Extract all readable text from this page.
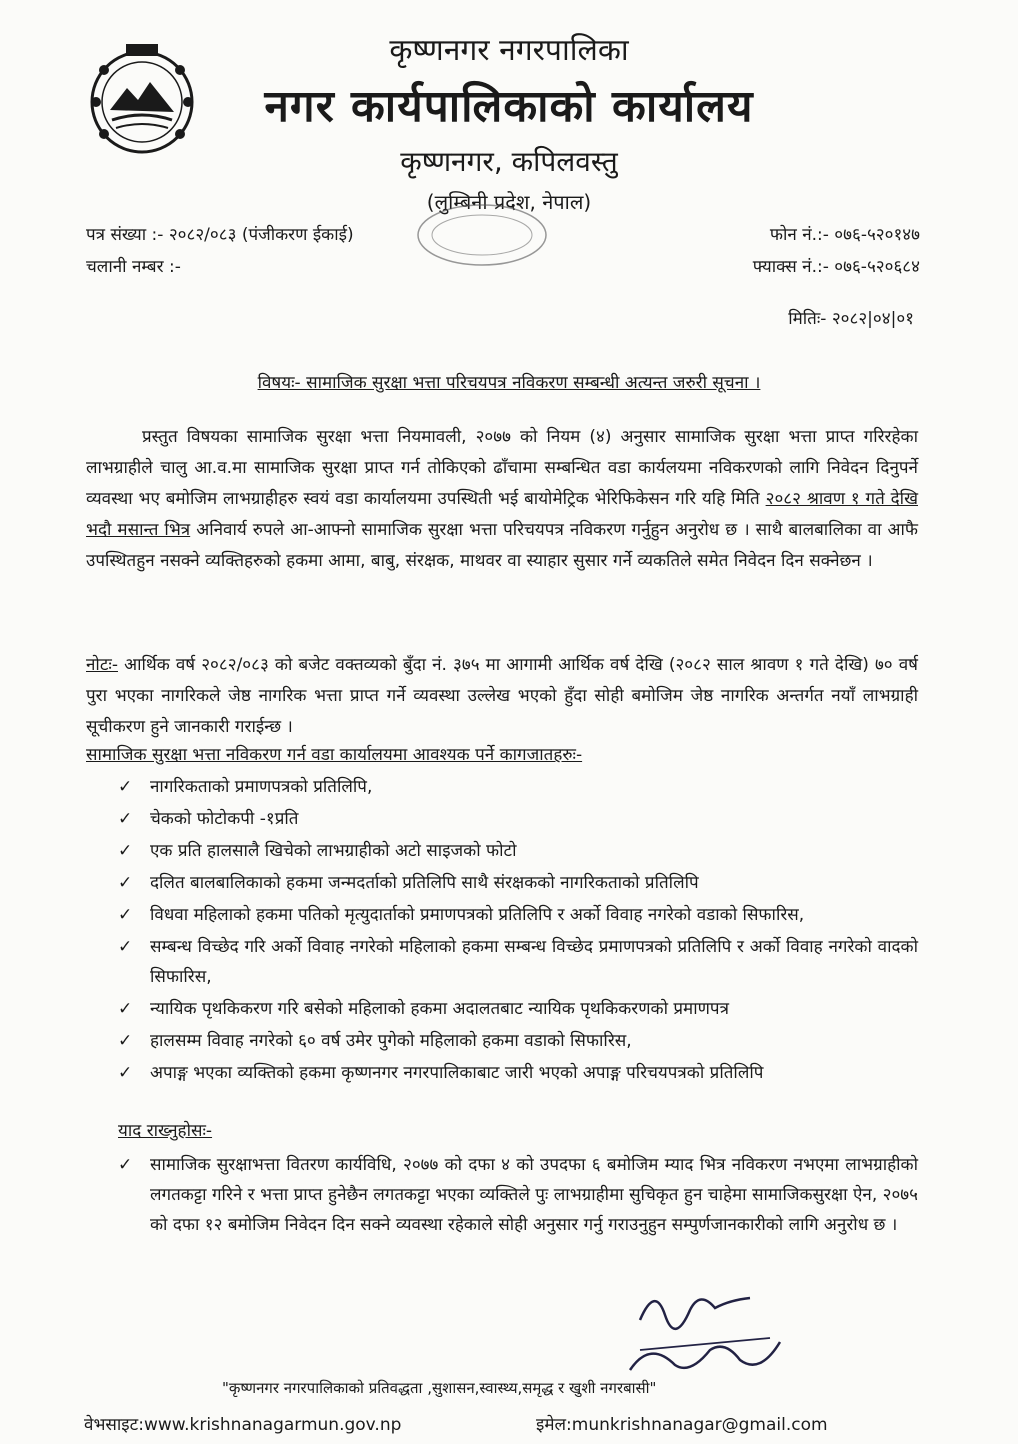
कृष्णनगर नगरपालिका
नगर कार्यपालिकाको कार्यालय
कृष्णनगर, कपिलवस्तु
(लुम्बिनी प्रदेश, नेपाल)
पत्र संख्या :- २०८२/०८३ (पंजीकरण ईकाई)
चलानी नम्बर :-
फोन नं.:- ०७६-५२०१४७
फ्याक्स नं.:- ०७६-५२०६८४
मितिः- २०८२|०४|०१
विषयः- सामाजिक सुरक्षा भत्ता परिचयपत्र नविकरण सम्बन्धी अत्यन्त जरुरी सूचना ।
प्रस्तुत विषयका सामाजिक सुरक्षा भत्ता नियमावली, २०७७ को नियम (४) अनुसार सामाजिक सुरक्षा भत्ता प्राप्त गरिरहेका लाभग्राहीले चालु आ.व.मा सामाजिक सुरक्षा प्राप्त गर्न तोकिएको ढाँचामा सम्बन्धित वडा कार्यलयमा नविकरणको लागि निवेदन दिनुपर्ने व्यवस्था भए बमोजिम लाभग्राहीहरु स्वयं वडा कार्यालयमा उपस्थिती भई बायोमेट्रिक भेरिफिकेसन गरि यहि मिति २०८२ श्रावण १ गते देखि भदौ मसान्त भित्र अनिवार्य रुपले आ-आफ्नो सामाजिक सुरक्षा भत्ता परिचयपत्र नविकरण गर्नुहुन अनुरोध छ । साथै बालबालिका वा आफै उपस्थितहुन नसक्ने व्यक्तिहरुको हकमा आमा, बाबु, संरक्षक, माथवर वा स्याहार सुसार गर्ने व्यकतिले समेत निवेदन दिन सक्नेछन ।
नोटः- आर्थिक वर्ष २०८२/०८३ को बजेट वक्तव्यको बुँदा नं. ३७५ मा आगामी आर्थिक वर्ष देखि (२०८२ साल श्रावण १ गते देखि) ७० वर्ष पुरा भएका नागरिकले जेष्ठ नागरिक भत्ता प्राप्त गर्ने व्यवस्था उल्लेख भएको हुँदा सोही बमोजिम जेष्ठ नागरिक अन्तर्गत नयाँ लाभग्राही सूचीकरण हुने जानकारी गराईन्छ ।
सामाजिक सुरक्षा भत्ता नविकरण गर्न वडा कार्यालयमा आवश्यक पर्ने कागजातहरुः-
✓ नागरिकताको प्रमाणपत्रको प्रतिलिपि,
✓ चेकको फोटोकपी -१प्रति
✓ एक प्रति हालसालै खिचेको लाभग्राहीको अटो साइजको फोटो
✓ दलित बालबालिकाको हकमा जन्मदर्ताको प्रतिलिपि साथै संरक्षकको नागरिकताको प्रतिलिपि
✓ विधवा महिलाको हकमा पतिको मृत्युदार्ताको प्रमाणपत्रको प्रतिलिपि र अर्को विवाह नगरेको वडाको सिफारिस,
✓ सम्बन्ध विच्छेद गरि अर्को विवाह नगरेको महिलाको हकमा सम्बन्ध विच्छेद प्रमाणपत्रको प्रतिलिपि र अर्को विवाह नगरेको वादको सिफारिस,
✓ न्यायिक पृथकिकरण गरि बसेको महिलाको हकमा अदालतबाट न्यायिक पृथकिकरणको प्रमाणपत्र
✓ हालसम्म विवाह नगरेको ६० वर्ष उमेर पुगेको महिलाको हकमा वडाको सिफारिस,
✓ अपाङ्ग भएका व्यक्तिको हकमा कृष्णनगर नगरपालिकाबाट जारी भएको अपाङ्ग परिचयपत्रको प्रतिलिपि
याद राख्नुहोसः-
✓ सामाजिक सुरक्षाभत्ता वितरण कार्यविधि, २०७७ को दफा ४ को उपदफा ६ बमोजिम म्याद भित्र नविकरण नभएमा लाभग्राहीको लगतकट्टा गरिने र भत्ता प्राप्त हुनेछैन लगतकट्टा भएका व्यक्तिले पुः लाभग्राहीमा सुचिकृत हुन चाहेमा सामाजिकसुरक्षा ऐन, २०७५ को दफा १२ बमोजिम निवेदन दिन सक्ने व्यवस्था रहेकाले सोही अनुसार गर्नु गराउनुहुन सम्पुर्णजानकारीको लागि अनुरोध छ ।
"कृष्णनगर नगरपालिकाको प्रतिवद्धता ,सुशासन,स्वास्थ्य,समृद्ध र खुशी नगरबासी"
वेभसाइट:www.krishnanagarmun.gov.np	इमेल:munkrishnanagar@gmail.com
